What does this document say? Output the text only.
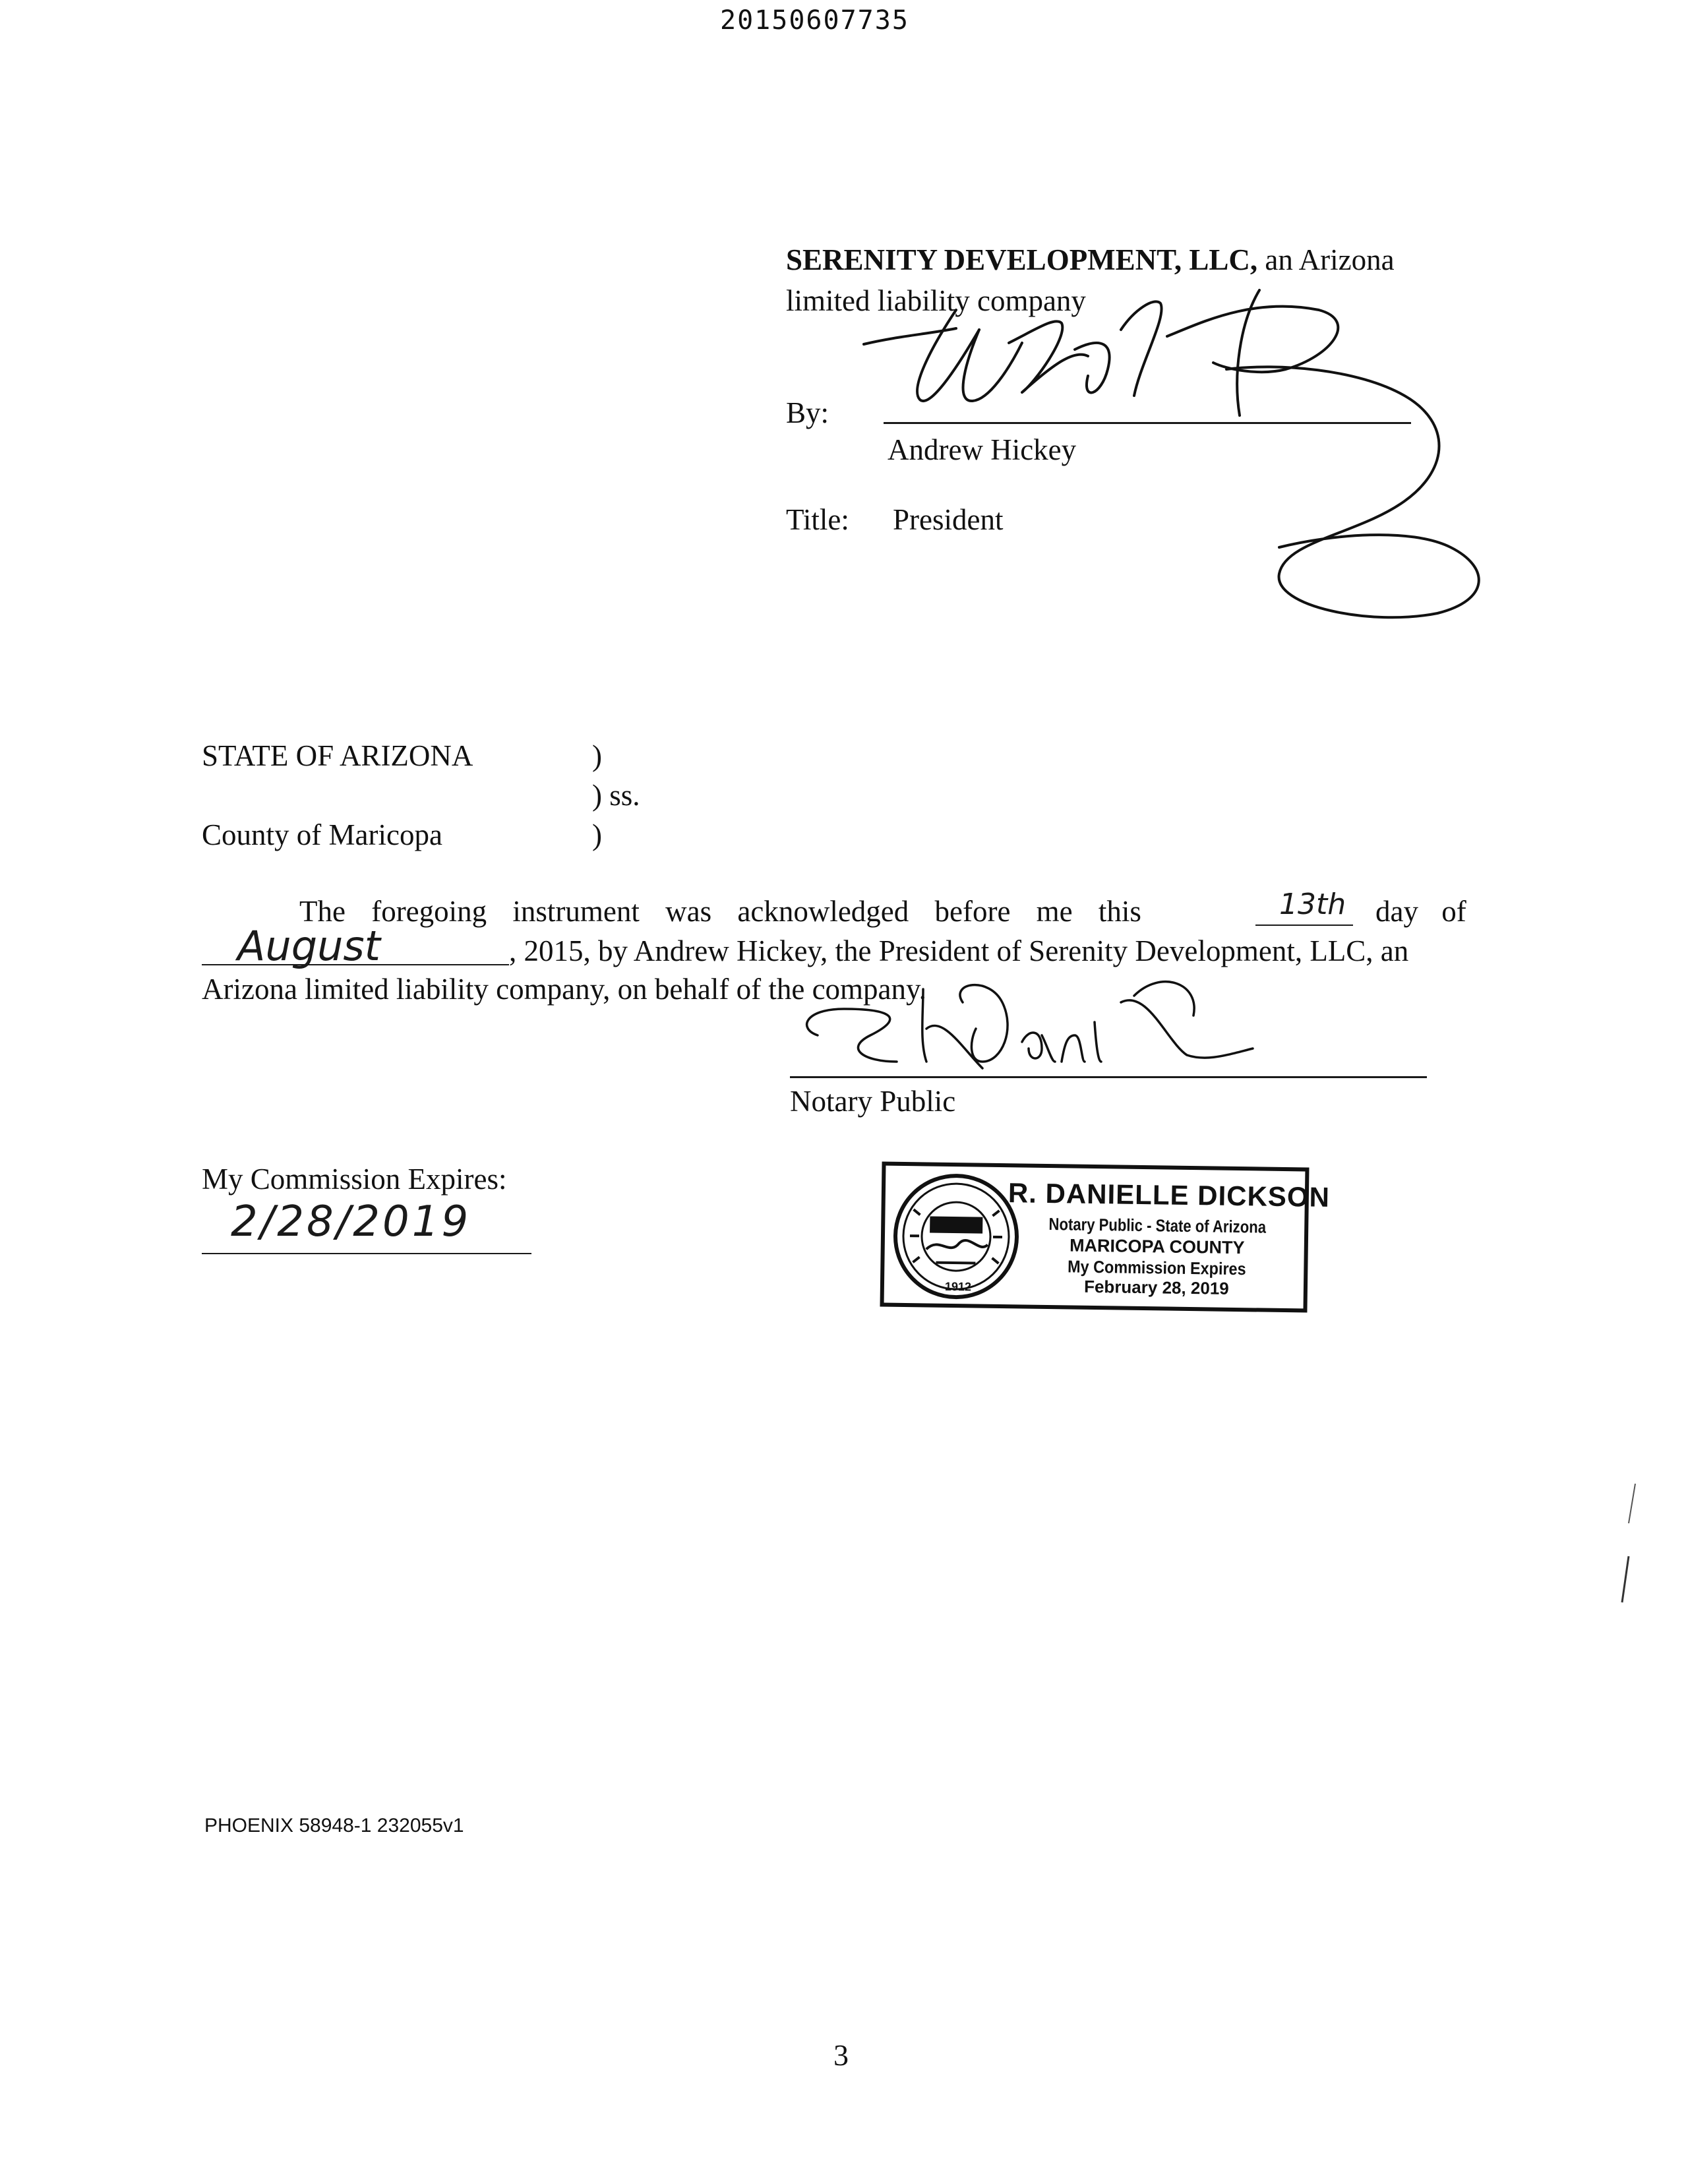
20150607735
SERENITY DEVELOPMENT, LLC, an Arizona
limited liability company
By:
Andrew Hickey
Title: President
STATE OF ARIZONA	)
) ss.
County of Maricopa	)
The foregoing instrument was acknowledged before me this	13th day of
August	, 2015, by Andrew Hickey, the President of Serenity Development, LLC, an
Arizona limited liability company, on behalf of the company.
Notary Public
My Commission Expires:
2/28/2019
1912
R. DANIELLE DICKSON
Notary Public - State of Arizona
MARICOPA COUNTY
My Commission Expires
February 28, 2019
PHOENIX 58948-1 232055v1
3
